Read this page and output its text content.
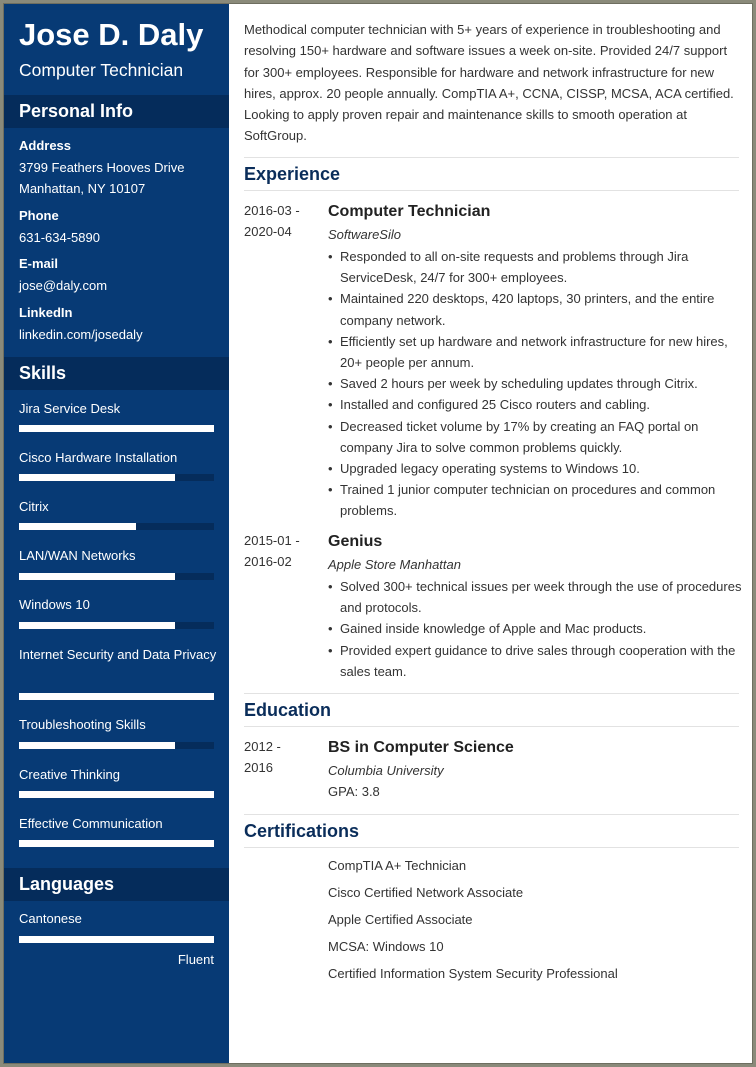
Jose D. Daly
Computer Technician
Personal Info
Address
3799 Feathers Hooves Drive
Manhattan, NY 10107
Phone
631-634-5890
E-mail
jose@daly.com
LinkedIn
linkedin.com/josedaly
Skills
Jira Service Desk
Cisco Hardware Installation
Citrix
LAN/WAN Networks
Windows 10
Internet Security and Data Privacy
Troubleshooting Skills
Creative Thinking
Effective Communication
Languages
Cantonese
Fluent

Methodical computer technician with 5+ years of experience in troubleshooting and resolving 150+ hardware and software issues a week on-site. Provided 24/7 support for 300+ employees. Responsible for hardware and network infrastructure for new hires, approx. 20 people annually. CompTIA A+, CCNA, CISSP, MCSA, ACA certified. Looking to apply proven repair and maintenance skills to smooth operation at SoftGroup.

Experience
2016-03 -
2020-04
Computer Technician
SoftwareSilo
• Responded to all on-site requests and problems through Jira ServiceDesk, 24/7 for 300+ employees.
• Maintained 220 desktops, 420 laptops, 30 printers, and the entire company network.
• Efficiently set up hardware and network infrastructure for new hires, 20+ people per annum.
• Saved 2 hours per week by scheduling updates through Citrix.
• Installed and configured 25 Cisco routers and cabling.
• Decreased ticket volume by 17% by creating an FAQ portal on company Jira to solve common problems quickly.
• Upgraded legacy operating systems to Windows 10.
• Trained 1 junior computer technician on procedures and common problems.
2015-01 -
2016-02
Genius
Apple Store Manhattan
• Solved 300+ technical issues per week through the use of procedures and protocols.
• Gained inside knowledge of Apple and Mac products.
• Provided expert guidance to drive sales through cooperation with the sales team.
Education
2012 -
2016
BS in Computer Science
Columbia University
GPA: 3.8
Certifications
CompTIA A+ Technician
Cisco Certified Network Associate
Apple Certified Associate
MCSA: Windows 10
Certified Information System Security Professional
